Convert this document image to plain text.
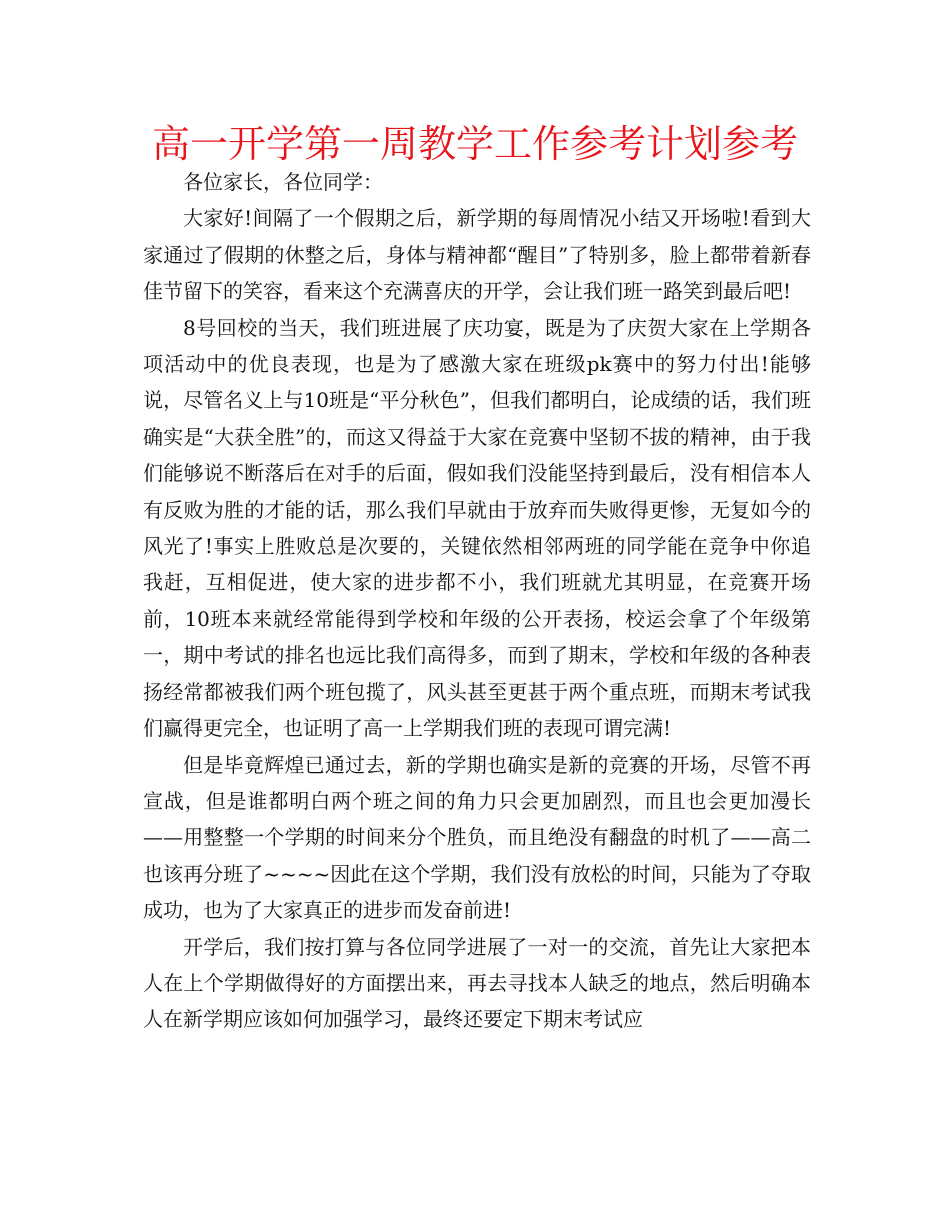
高一开学第一周教学工作参考计划参考

各位家长，各位同学：

大家好!间隔了一个假期之后，新学期的每周情况小结又开场啦!看到大家通过了假期的休整之后，身体与精神都“醒目”了特别多，脸上都带着新春佳节留下的笑容，看来这个充满喜庆的开学，会让我们班一路笑到最后吧!

8号回校的当天，我们班进展了庆功宴，既是为了庆贺大家在上学期各项活动中的优良表现，也是为了感激大家在班级pk赛中的努力付出!能够说，尽管名义上与10班是“平分秋色”，但我们都明白，论成绩的话，我们班确实是“大获全胜”的，而这又得益于大家在竞赛中坚韧不拔的精神，由于我们能够说不断落后在对手的后面，假如我们没能坚持到最后，没有相信本人有反败为胜的才能的话，那么我们早就由于放弃而失败得更惨，无复如今的风光了!事实上胜败总是次要的，关键依然相邻两班的同学能在竞争中你追我赶，互相促进，使大家的进步都不小，我们班就尤其明显，在竞赛开场前，10班本来就经常能得到学校和年级的公开表扬，校运会拿了个年级第一，期中考试的排名也远比我们高得多，而到了期末，学校和年级的各种表扬经常都被我们两个班包揽了，风头甚至更甚于两个重点班，而期末考试我们赢得更完全，也证明了高一上学期我们班的表现可谓完满!

但是毕竟辉煌已通过去，新的学期也确实是新的竞赛的开场，尽管不再宣战，但是谁都明白两个班之间的角力只会更加剧烈，而且也会更加漫长——用整整一个学期的时间来分个胜负，而且绝没有翻盘的时机了——高二也该再分班了~~~~因此在这个学期，我们没有放松的时间，只能为了夺取成功，也为了大家真正的进步而发奋前进!

开学后，我们按打算与各位同学进展了一对一的交流，首先让大家把本人在上个学期做得好的方面摆出来，再去寻找本人缺乏的地点，然后明确本人在新学期应该如何加强学习，最终还要定下期末考试应
